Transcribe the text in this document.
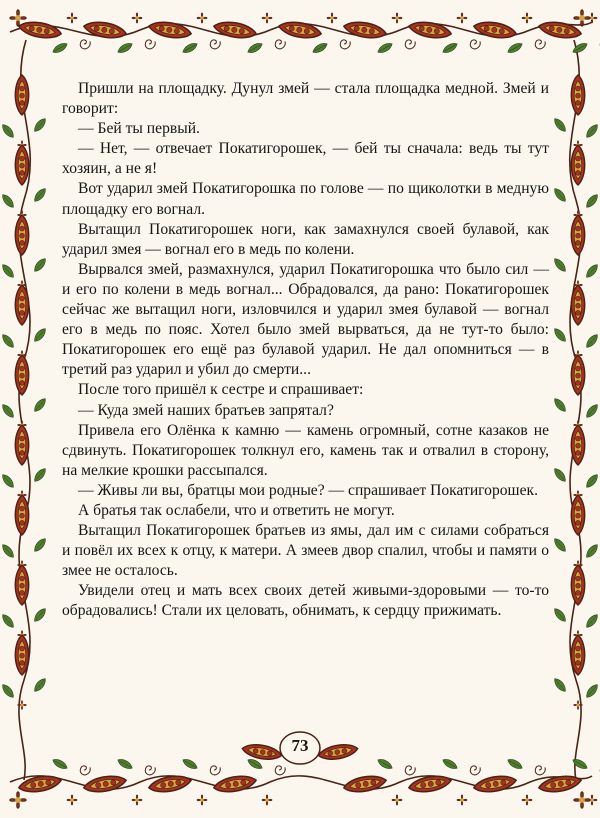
Пришли на площадку. Дунул змей — стала площадка медной. Змей и говорит:

— Бей ты первый.

— Нет, — отвечает Покатигорошек, — бей ты сначала: ведь ты тут хозяин, а не я!

Вот ударил змей Покатигорошка по голове — по щиколотки в медную площадку его вогнал.

Вытащил Покатигорошек ноги, как замахнулся своей булавой, как ударил змея — вогнал его в медь по колени.

Вырвался змей, размахнулся, ударил Покатигорошка что было сил — и его по колени в медь вогнал... Обрадовался, да рано: Покатигорошек сейчас же вытащил ноги, изловчился и ударил змея булавой — вогнал его в медь по пояс. Хотел было змей вырваться, да не тут-то было: Покатигорошек его ещё раз булавой ударил. Не дал опомниться — в третий раз ударил и убил до смерти...

После того пришёл к сестре и спрашивает:

— Куда змей наших братьев запрятал?

Привела его Олёнка к камню — камень огромный, сотне казаков не сдвинуть. Покатигорошек толкнул его, камень так и отвалил в сторону, на мелкие крошки рассыпался.

— Живы ли вы, братцы мои родные? — спрашивает Покатигорошек.

А братья так ослабели, что и ответить не могут.

Вытащил Покатигорошек братьев из ямы, дал им с силами собраться и повёл их всех к отцу, к матери. А змеев двор спалил, чтобы и памяти о змее не осталось.

Увидели отец и мать всех своих детей живыми-здоровыми — то-то обрадовались! Стали их целовать, обнимать, к сердцу прижимать.

73
